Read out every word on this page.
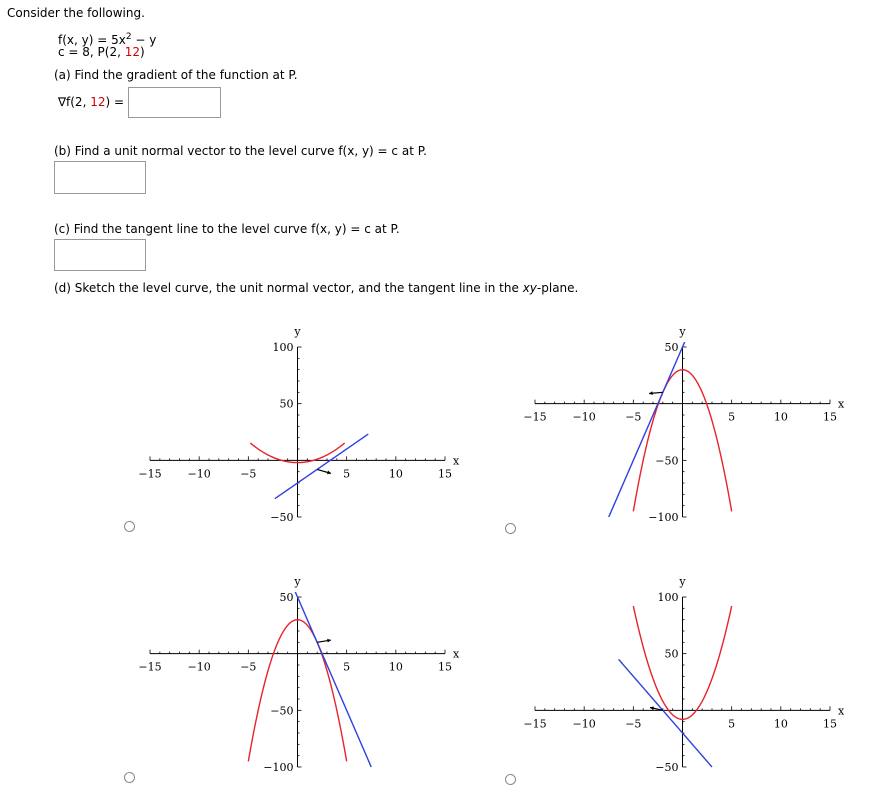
Consider the following.
f(x, $y) = 5x^2 - y$
c = 8, P(2, 12)
(a) Find the gradient of the function at P.
∇f(2, 12) =
(b) Find a unit normal vector to the level curve f(x, y) = c at P.
(c) Find the tangent line to the level curve f(x, y) = c at P.
(d) Sketch the level curve, the unit normal vector, and the tangent line in the xy-plane.
−15 −10	−5	5	10	15
−50
50
100
x
y
−15 −10	−5	5	10	15
−100
−50
50
x
y
−15 −10	−5	5	10	15
−100
−50
50
x
y
−15 −10	−5	5	10	15
−50
50
100
x
y
